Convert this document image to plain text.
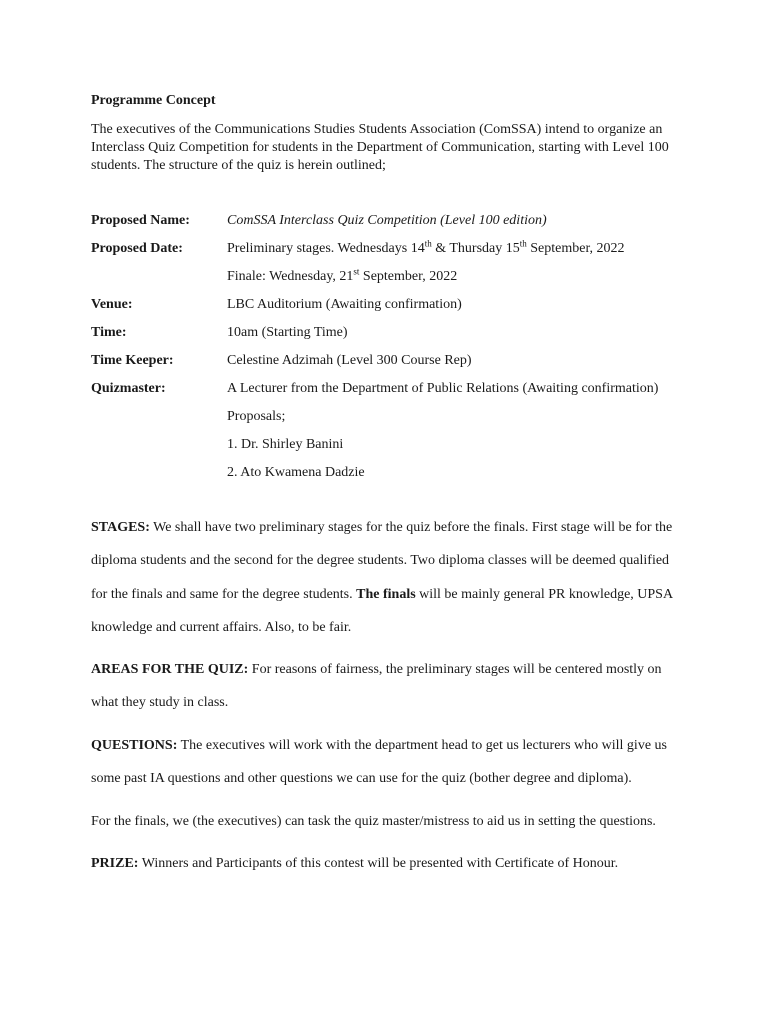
Programme Concept
The executives of the Communications Studies Students Association (ComSSA) intend to organize an
Interclass Quiz Competition for students in the Department of Communication, starting with Level 100
students. The structure of the quiz is herein outlined;
Proposed Name:	ComSSA Interclass Quiz Competition (Level 100 edition)
Proposed Date:	Preliminary stages. Wednesdays 14th & Thursday 15th September, 2022
Finale: Wednesday, 21st September, 2022
Venue:	LBC Auditorium (Awaiting confirmation)
Time:	10am (Starting Time)
Time Keeper:	Celestine Adzimah (Level 300 Course Rep)
Quizmaster:	A Lecturer from the Department of Public Relations (Awaiting confirmation)
Proposals;
1. Dr. Shirley Banini
2. Ato Kwamena Dadzie
STAGES: We shall have two preliminary stages for the quiz before the finals. First stage will be for the
diploma students and the second for the degree students. Two diploma classes will be deemed qualified
for the finals and same for the degree students. The finals will be mainly general PR knowledge, UPSA
knowledge and current affairs. Also, to be fair.
AREAS FOR THE QUIZ: For reasons of fairness, the preliminary stages will be centered mostly on
what they study in class.
QUESTIONS: The executives will work with the department head to get us lecturers who will give us
some past IA questions and other questions we can use for the quiz (bother degree and diploma).
For the finals, we (the executives) can task the quiz master/mistress to aid us in setting the questions.
PRIZE: Winners and Participants of this contest will be presented with Certificate of Honour.
